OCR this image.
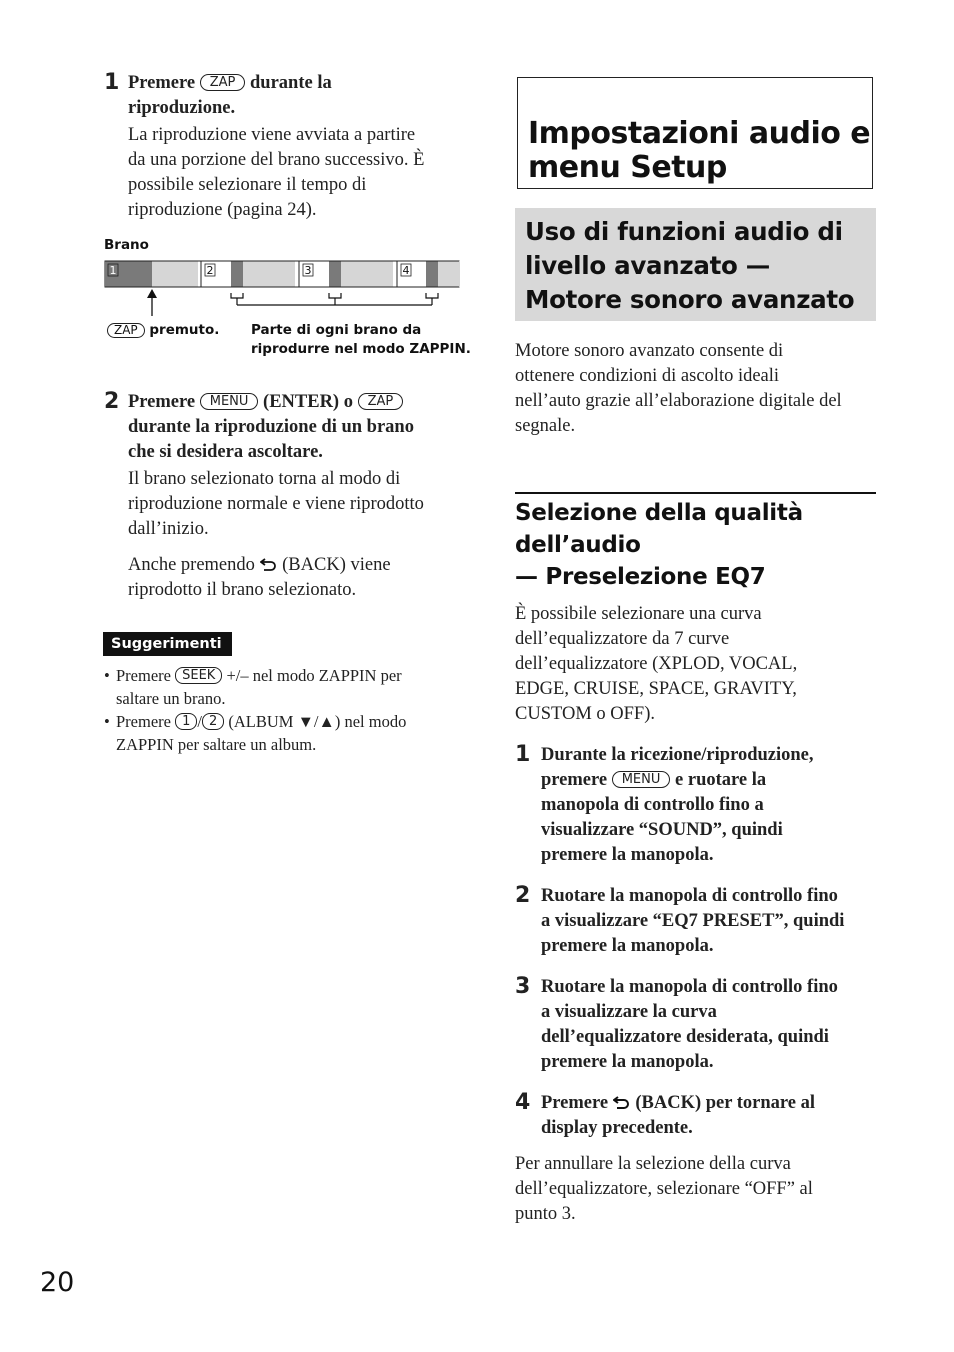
1 Premere ZAP durante la
riproduzione.
La riproduzione viene avviata a partire
da una porzione del brano successivo. È
possibile selezionare il tempo di
riproduzione (pagina 24).
Brano
1	2	3	4
ZAP premuto. Parte di ogni brano da
riprodurre nel modo ZAPPIN.
2 Premere MENU (ENTER) o ZAP
durante la riproduzione di un brano
che si desidera ascoltare.
Il brano selezionato torna al modo di
riproduzione normale e viene riprodotto
dall’inizio.
Anche premendo (BACK) viene
riprodotto il brano selezionato.
Suggerimenti
• Premere SEEK +/– nel modo ZAPPIN per
saltare un brano.
• Premere 1 / 2 (ALBUM ▼/▲) nel modo
ZAPPIN per saltare un album.
Impostazioni audio e
menu Setup
Uso di funzioni audio di
livello avanzato —
Motore sonoro avanzato
Motore sonoro avanzato consente di
ottenere condizioni di ascolto ideali
nell’auto grazie all’elaborazione digitale del
segnale.
Selezione della qualità
dell’audio
— Preselezione EQ7
È possibile selezionare una curva
dell’equalizzatore da 7 curve
dell’equalizzatore (XPLOD, VOCAL,
EDGE, CRUISE, SPACE, GRAVITY,
CUSTOM o OFF).
1 Durante la ricezione/riproduzione,
premere MENU e ruotare la
manopola di controllo fino a
visualizzare “SOUND”, quindi
premere la manopola.
2 Ruotare la manopola di controllo fino
a visualizzare “EQ7 PRESET”, quindi
premere la manopola.
3 Ruotare la manopola di controllo fino
a visualizzare la curva
dell’equalizzatore desiderata, quindi
premere la manopola.
4 Premere (BACK) per tornare al
display precedente.
Per annullare la selezione della curva
dell’equalizzatore, selezionare “OFF” al
punto 3.
20
